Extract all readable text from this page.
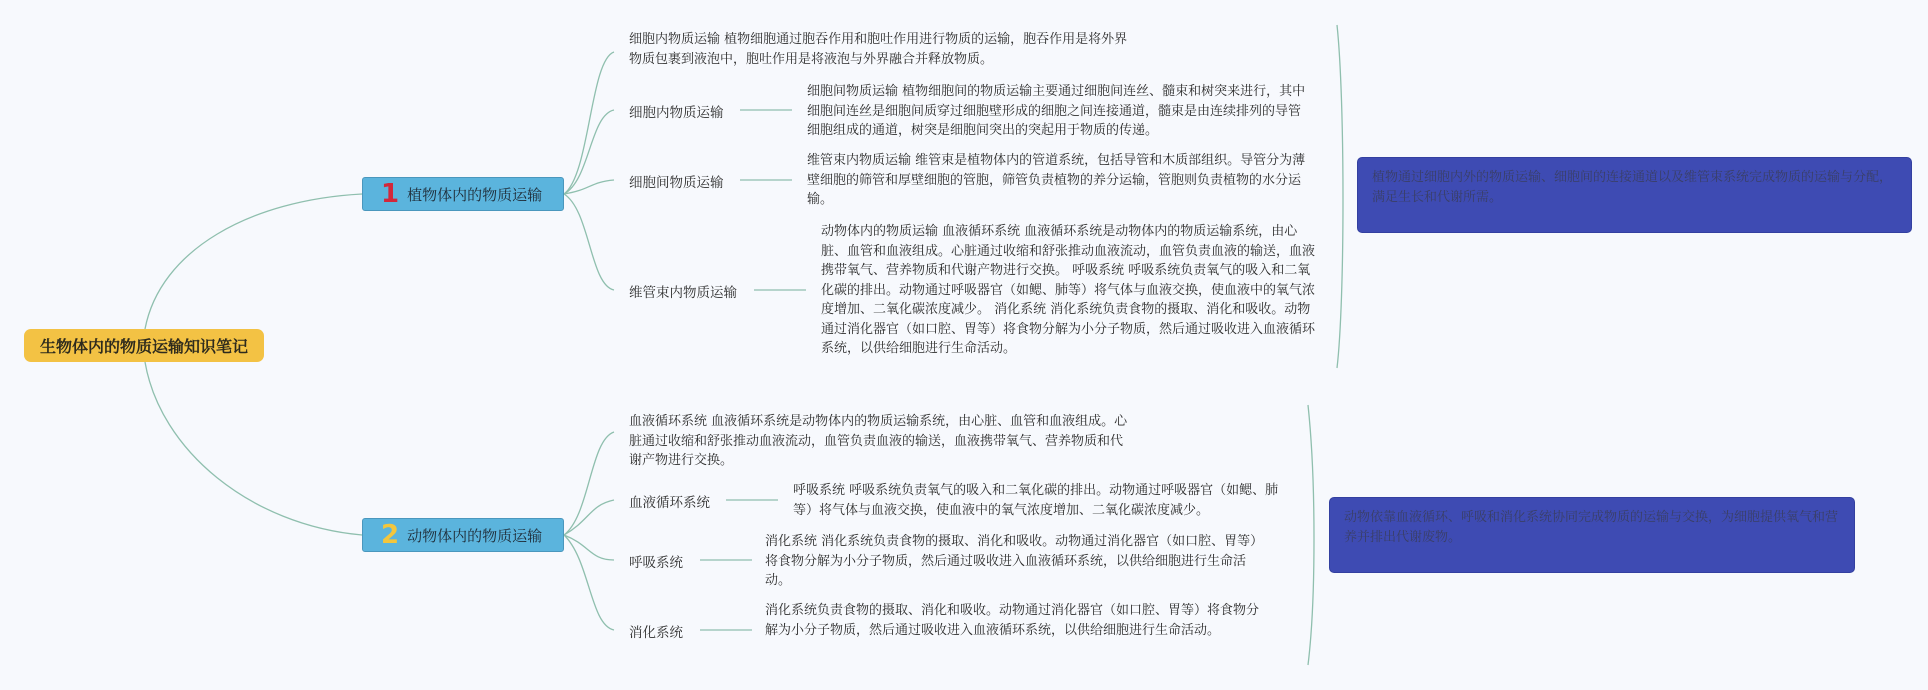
生物体内的物质运输知识笔记
1 植物体内的物质运输
2 动物体内的物质运输
细胞内物质运输 植物细胞通过胞吞作用和胞吐作用进行物质的运输，胞吞作用是将外界物质包裹到液泡中，胞吐作用是将液泡与外界融合并释放物质。
细胞内物质运输
细胞间物质运输 植物细胞间的物质运输主要通过细胞间连丝、髓束和树突来进行，其中细胞间连丝是细胞间质穿过细胞壁形成的细胞之间连接通道，髓束是由连续排列的导管细胞组成的通道，树突是细胞间突出的突起用于物质的传递。
细胞间物质运输
维管束内物质运输 维管束是植物体内的管道系统，包括导管和木质部组织。导管分为薄壁细胞的筛管和厚壁细胞的管胞，筛管负责植物的养分运输，管胞则负责植物的水分运输。
维管束内物质运输
动物体内的物质运输 血液循环系统 血液循环系统是动物体内的物质运输系统，由心脏、血管和血液组成。心脏通过收缩和舒张推动血液流动，血管负责血液的输送，血液携带氧气、营养物质和代谢产物进行交换。 呼吸系统 呼吸系统负责氧气的吸入和二氧化碳的排出。动物通过呼吸器官（如鳃、肺等）将气体与血液交换，使血液中的氧气浓度增加、二氧化碳浓度减少。 消化系统 消化系统负责食物的摄取、消化和吸收。动物通过消化器官（如口腔、胃等）将食物分解为小分子物质，然后通过吸收进入血液循环系统，以供给细胞进行生命活动。
植物通过细胞内外的物质运输、细胞间的连接通道以及维管束系统完成物质的运输与分配，满足生长和代谢所需。
血液循环系统 血液循环系统是动物体内的物质运输系统，由心脏、血管和血液组成。心脏通过收缩和舒张推动血液流动，血管负责血液的输送，血液携带氧气、营养物质和代谢产物进行交换。
血液循环系统
呼吸系统 呼吸系统负责氧气的吸入和二氧化碳的排出。动物通过呼吸器官（如鳃、肺等）将气体与血液交换，使血液中的氧气浓度增加、二氧化碳浓度减少。
呼吸系统
消化系统 消化系统负责食物的摄取、消化和吸收。动物通过消化器官（如口腔、胃等）将食物分解为小分子物质，然后通过吸收进入血液循环系统，以供给细胞进行生命活动。
消化系统
消化系统负责食物的摄取、消化和吸收。动物通过消化器官（如口腔、胃等）将食物分解为小分子物质，然后通过吸收进入血液循环系统，以供给细胞进行生命活动。
动物依靠血液循环、呼吸和消化系统协同完成物质的运输与交换，为细胞提供氧气和营养并排出代谢废物。
